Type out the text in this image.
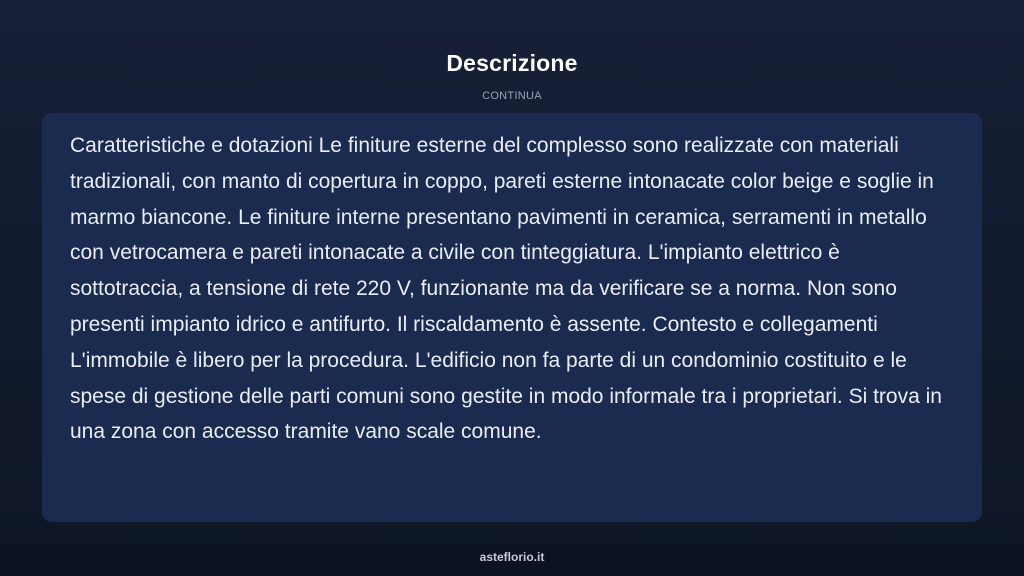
Descrizione
CONTINUA

Caratteristiche e dotazioni Le finiture esterne del complesso sono realizzate con materiali tradizionali, con manto di copertura in coppo, pareti esterne intonacate color beige e soglie in marmo biancone. Le finiture interne presentano pavimenti in ceramica, serramenti in metallo con vetrocamera e pareti intonacate a civile con tinteggiatura. L'impianto elettrico è sottotraccia, a tensione di rete 220 V, funzionante ma da verificare se a norma. Non sono presenti impianto idrico e antifurto. Il riscaldamento è assente. Contesto e collegamenti L'immobile è libero per la procedura. L'edificio non fa parte di un condominio costituito e le spese di gestione delle parti comuni sono gestite in modo informale tra i proprietari. Si trova in una zona con accesso tramite vano scale comune.

asteflorio.it
